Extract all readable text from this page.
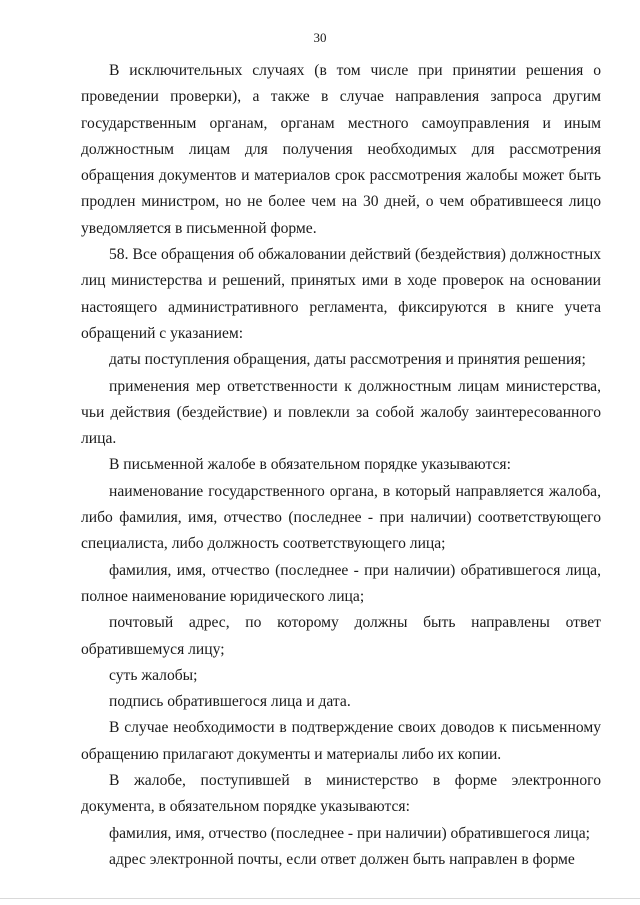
30

В исключительных случаях (в том числе при принятии решения о проведении проверки), а также в случае направления запроса другим государственным органам, органам местного самоуправления и иным должностным лицам для получения необходимых для рассмотрения обращения документов и материалов срок рассмотрения жалобы может быть продлен министром, но не более чем на 30 дней, о чем обратившееся лицо уведомляется в письменной форме.

58. Все обращения об обжаловании действий (бездействия) должностных лиц министерства и решений, принятых ими в ходе проверок на основании настоящего административного регламента, фиксируются в книге учета обращений с указанием:

даты поступления обращения, даты рассмотрения и принятия решения;

применения мер ответственности к должностным лицам министерства, чьи действия (бездействие) и повлекли за собой жалобу заинтересованного лица.

В письменной жалобе в обязательном порядке указываются:

наименование государственного органа, в который направляется жалоба, либо фамилия, имя, отчество (последнее - при наличии) соответствующего специалиста, либо должность соответствующего лица;

фамилия, имя, отчество (последнее - при наличии) обратившегося лица, полное наименование юридического лица;

почтовый адрес, по которому должны быть направлены ответ обратившемуся лицу;

суть жалобы;

подпись обратившегося лица и дата.

В случае необходимости в подтверждение своих доводов к письменному обращению прилагают документы и материалы либо их копии.

В жалобе, поступившей в министерство в форме электронного документа, в обязательном порядке указываются:

фамилия, имя, отчество (последнее - при наличии) обратившегося лица;

адрес электронной почты, если ответ должен быть направлен в форме
